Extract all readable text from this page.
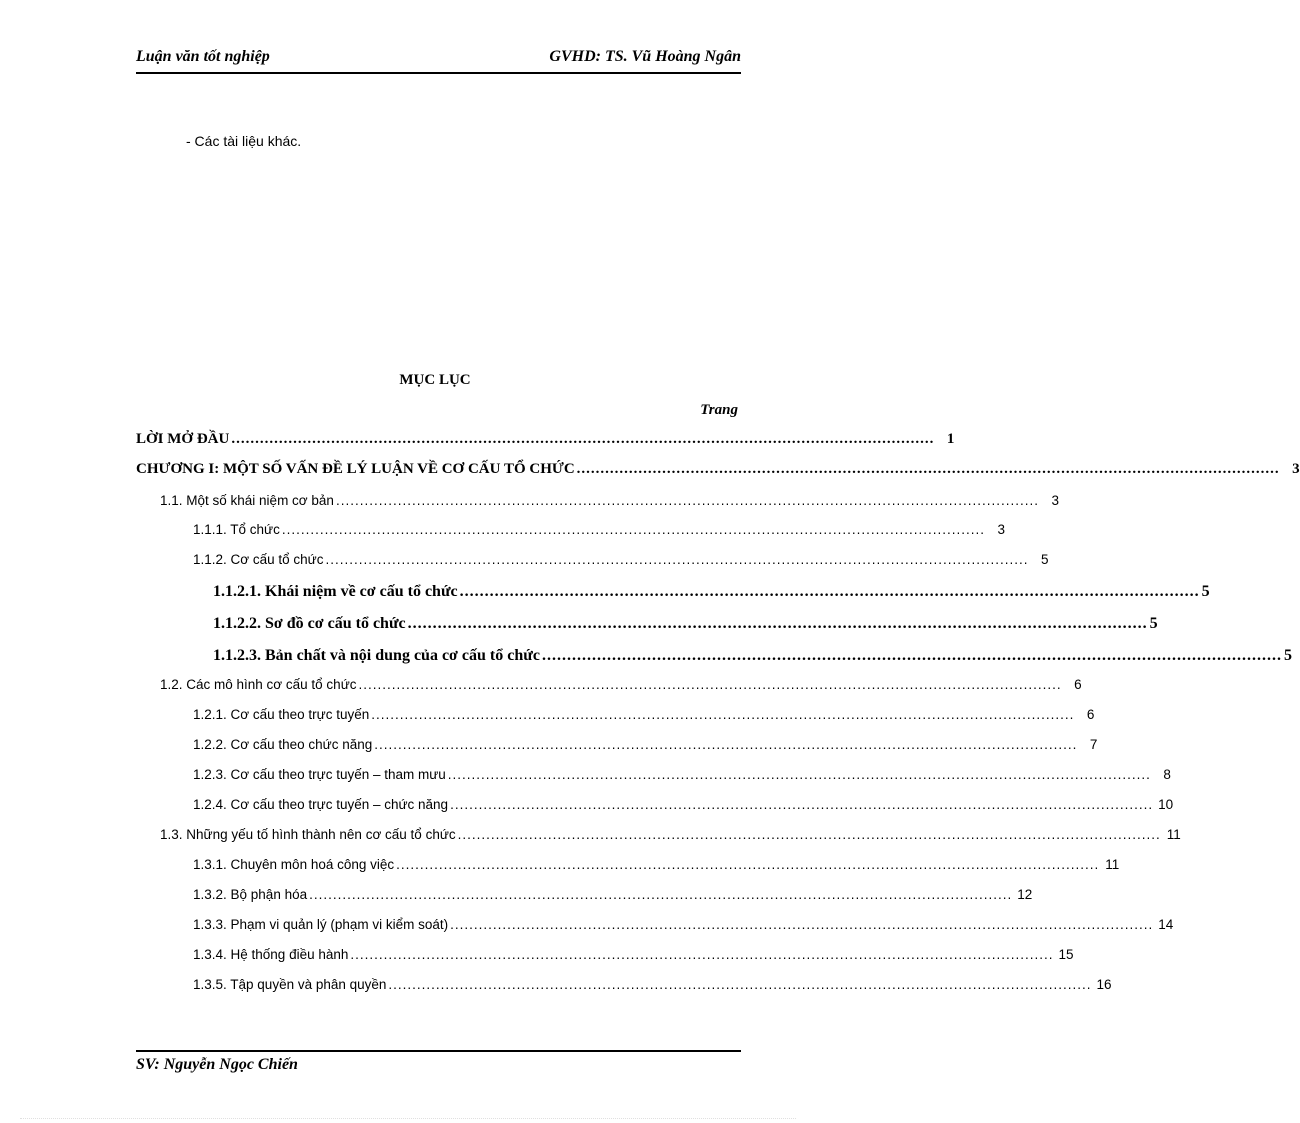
Luận văn tốt nghiệp	GVHD: TS. Vũ Hoàng Ngân
- Các tài liệu khác.
MỤC LỤC
Trang
LỜI MỞ ĐẦU .................................................................................................................................................... 1
CHƯƠNG I: MỘT SỐ VẤN ĐỀ LÝ LUẬN VỀ CƠ CẤU TỔ CHỨC .................................................................................................................................................... 3
1.1. Một số khái niệm cơ bản .................................................................................................................................................... 3
1.1.1. Tổ chức .................................................................................................................................................... 3
1.1.2. Cơ cấu tổ chức .................................................................................................................................................... 5
1.1.2.1. Khái niệm về cơ cấu tổ chức .................................................................................................................................................... 5
1.1.2.2. Sơ đồ cơ cấu tổ chức .................................................................................................................................................... 5
1.1.2.3. Bản chất và nội dung của cơ cấu tổ chức .................................................................................................................................................... 5
1.2. Các mô hình cơ cấu tổ chức .................................................................................................................................................... 6
1.2.1. Cơ cấu theo trực tuyến .................................................................................................................................................... 6
1.2.2. Cơ cấu theo chức năng .................................................................................................................................................... 7
1.2.3. Cơ cấu theo trực tuyến – tham mưu .................................................................................................................................................... 8
1.2.4. Cơ cấu theo trực tuyến – chức năng .................................................................................................................................................... 10
1.3. Những yếu tố hình thành nên cơ cấu tổ chức .................................................................................................................................................... 11
1.3.1. Chuyên môn hoá công việc .................................................................................................................................................... 11
1.3.2. Bộ phận hóa .................................................................................................................................................... 12
1.3.3. Phạm vi quản lý (phạm vi kiểm soát) .................................................................................................................................................... 14
1.3.4. Hệ thống điều hành .................................................................................................................................................... 15
1.3.5. Tập quyền và phân quyền .................................................................................................................................................... 16
SV: Nguyễn Ngọc Chiến
